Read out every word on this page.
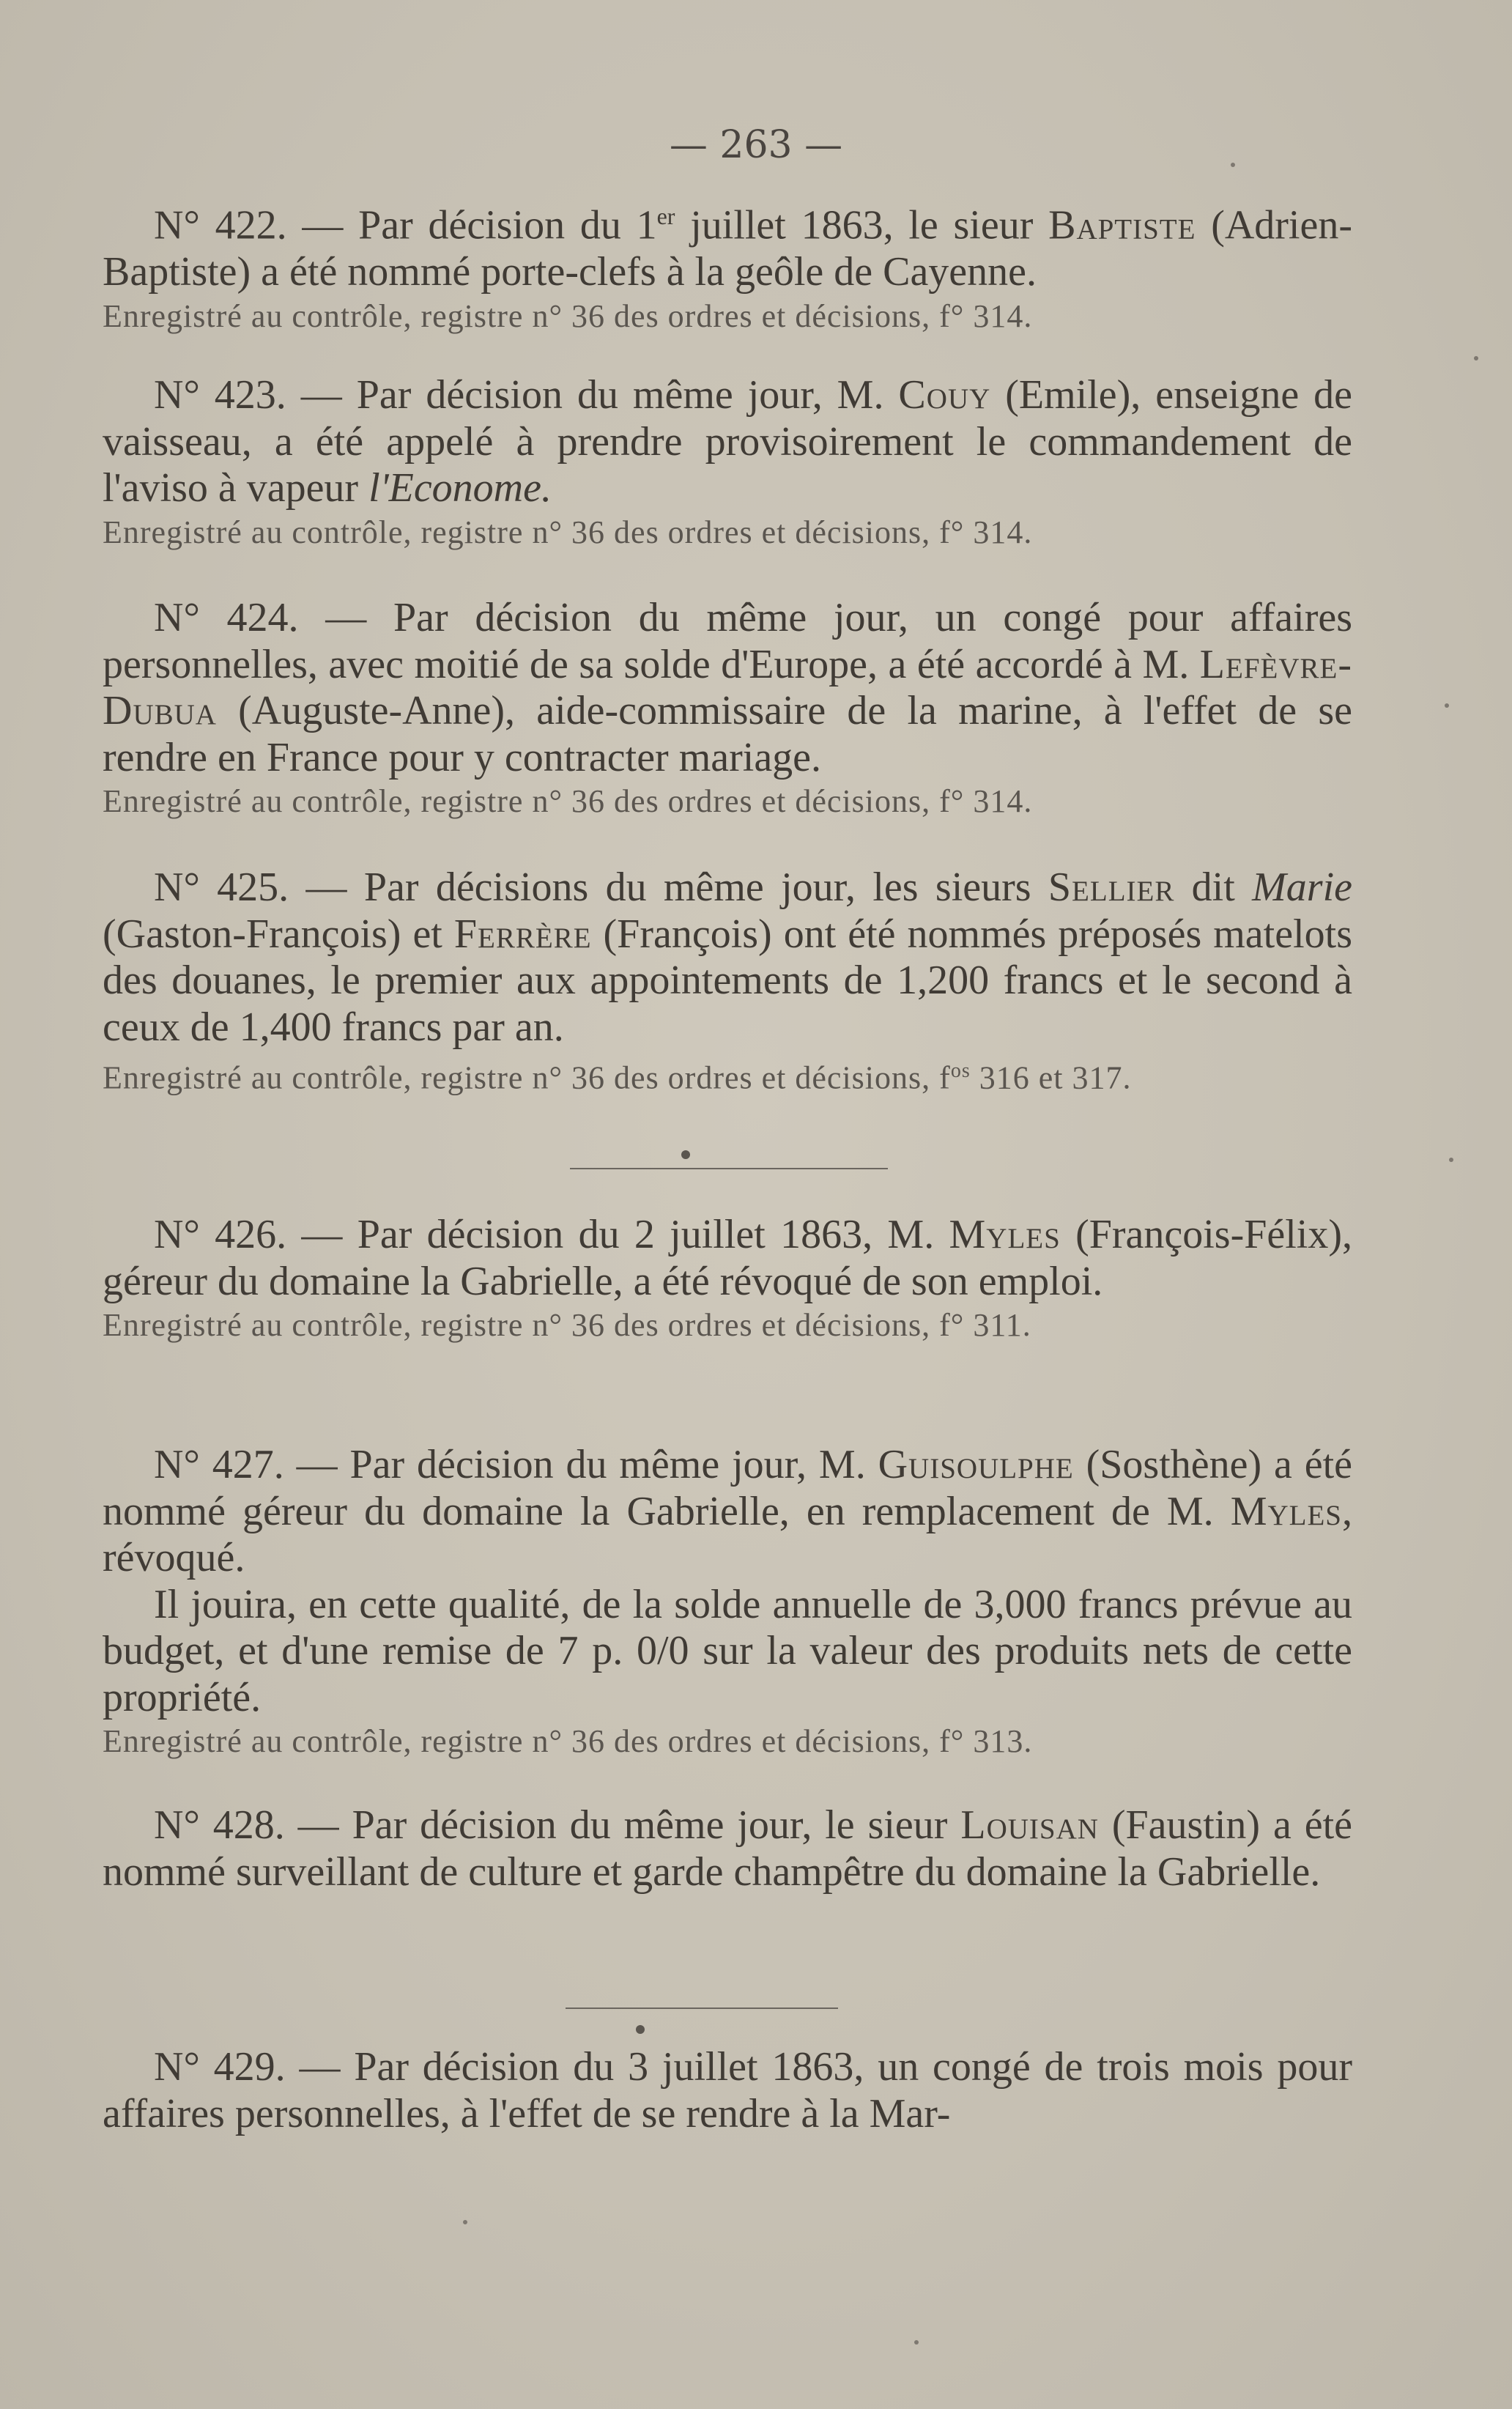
— 263 —

N° 422. — Par décision du 1er juillet 1863, le sieur Baptiste (Adrien-Baptiste) a été nommé porte-clefs à la geôle de Cayenne.

Enregistré au contrôle, registre n° 36 des ordres et décisions, f° 314.

N° 423. — Par décision du même jour, M. Couy (Emile), enseigne de vaisseau, a été appelé à prendre provisoirement le commandement de l'aviso à vapeur l'Econome.

Enregistré au contrôle, registre n° 36 des ordres et décisions, f° 314.

N° 424. — Par décision du même jour, un congé pour affaires personnelles, avec moitié de sa solde d'Europe, a été accordé à M. Lefèvre-Dubua (Auguste-Anne), aide-commissaire de la marine, à l'effet de se rendre en France pour y contracter mariage.

Enregistré au contrôle, registre n° 36 des ordres et décisions, f° 314.

N° 425. — Par décisions du même jour, les sieurs Sellier dit Marie (Gaston-François) et Ferrère (François) ont été nommés préposés matelots des douanes, le premier aux appointements de 1,200 francs et le second à ceux de 1,400 francs par an.

Enregistré au contrôle, registre n° 36 des ordres et décisions, $f^{os}$ 316 et 317.

N° 426. — Par décision du 2 juillet 1863, M. Myles (François-Félix), géreur du domaine la Gabrielle, a été révoqué de son emploi.

Enregistré au contrôle, registre n° 36 des ordres et décisions, f° 311.

N° 427. — Par décision du même jour, M. Guisoulphe (Sosthène) a été nommé géreur du domaine la Gabrielle, en remplacement de M. Myles, révoqué.

Il jouira, en cette qualité, de la solde annuelle de 3,000 francs prévue au budget, et d'une remise de 7 p. 0/0 sur la valeur des produits nets de cette propriété.

Enregistré au contrôle, registre n° 36 des ordres et décisions, f° 313.

N° 428. — Par décision du même jour, le sieur Louisan (Faustin) a été nommé surveillant de culture et garde champêtre du domaine la Gabrielle.

N° 429. — Par décision du 3 juillet 1863, un congé de trois mois pour affaires personnelles, à l'effet de se rendre à la Mar-
